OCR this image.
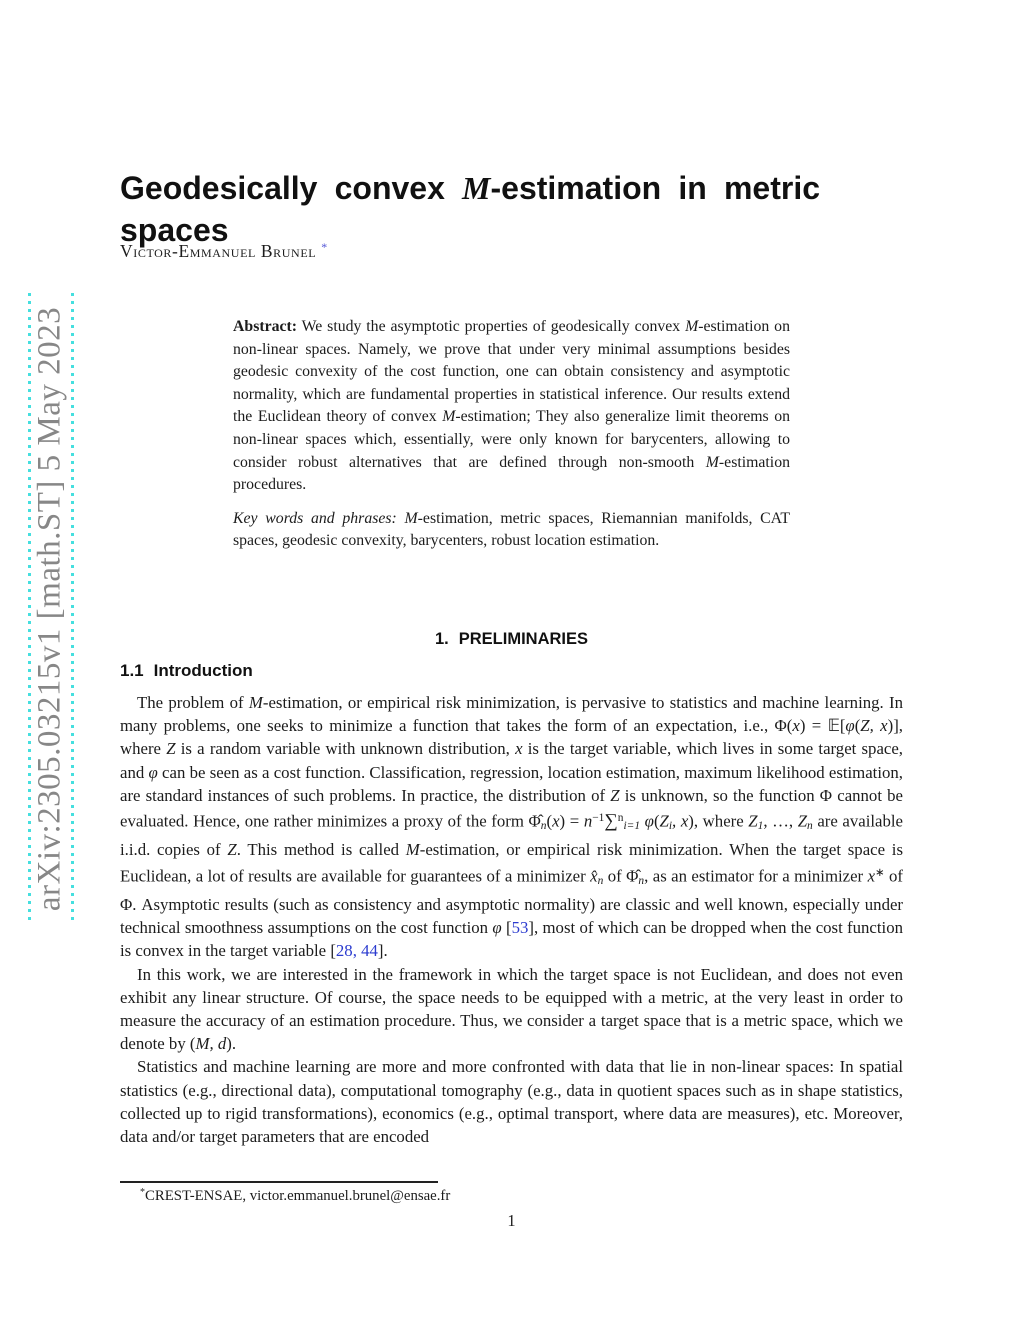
arXiv:2305.03215v1 [math.ST] 5 May 2023
Geodesically convex M-estimation in metric spaces
Victor-Emmanuel Brunel *

Abstract: We study the asymptotic properties of geodesically convex M-estimation on non-linear spaces. Namely, we prove that under very minimal assumptions besides geodesic convexity of the cost function, one can obtain consistency and asymptotic normality, which are fundamental properties in statistical inference. Our results extend the Euclidean theory of convex M-estimation; They also generalize limit theorems on non-linear spaces which, essentially, were only known for barycenters, allowing to consider robust alternatives that are defined through non-smooth M-estimation procedures.

Key words and phrases: M-estimation, metric spaces, Riemannian manifolds, CAT spaces, geodesic convexity, barycenters, robust location estimation.

1. PRELIMINARIES
1.1 Introduction

The problem of M-estimation, or empirical risk minimization, is pervasive to statistics and machine learning. In many problems, one seeks to minimize a function that takes the form of an expectation, i.e., Φ(x) = 𝔼[φ(Z, x)], where Z is a random variable with unknown distribution, x is the target variable, which lives in some target space, and φ can be seen as a cost function. Classification, regression, location estimation, maximum likelihood estimation, are standard instances of such problems. In practice, the distribution of Z is unknown, so the function Φ cannot be evaluated. Hence, one rather minimizes a proxy of the form Φ̂n(x) = $n^{-1}\sum^ni=1$ φ(Zi, x), where Z1, …, Zn are available i.i.d. copies of Z. This method is called M-estimation, or empirical risk minimization. When the target space is Euclidean, a lot of results are available for guarantees of a minimizer x̂n of Φ̂n, as an estimator for a minimizer x∗ of Φ. Asymptotic results (such as consistency and asymptotic normality) are classic and well known, especially under technical smoothness assumptions on the cost function φ [53], most of which can be dropped when the cost function is convex in the target variable [28, 44].

In this work, we are interested in the framework in which the target space is not Euclidean, and does not even exhibit any linear structure. Of course, the space needs to be equipped with a metric, at the very least in order to measure the accuracy of an estimation procedure. Thus, we consider a target space that is a metric space, which we denote by (M, d).

Statistics and machine learning are more and more confronted with data that lie in non-linear spaces: In spatial statistics (e.g., directional data), computational tomography (e.g., data in quotient spaces such as in shape statistics, collected up to rigid transformations), economics (e.g., optimal transport, where data are measures), etc. Moreover, data and/or target parameters that are encoded

*CREST-ENSAE, victor.emmanuel.brunel@ensae.fr
1
